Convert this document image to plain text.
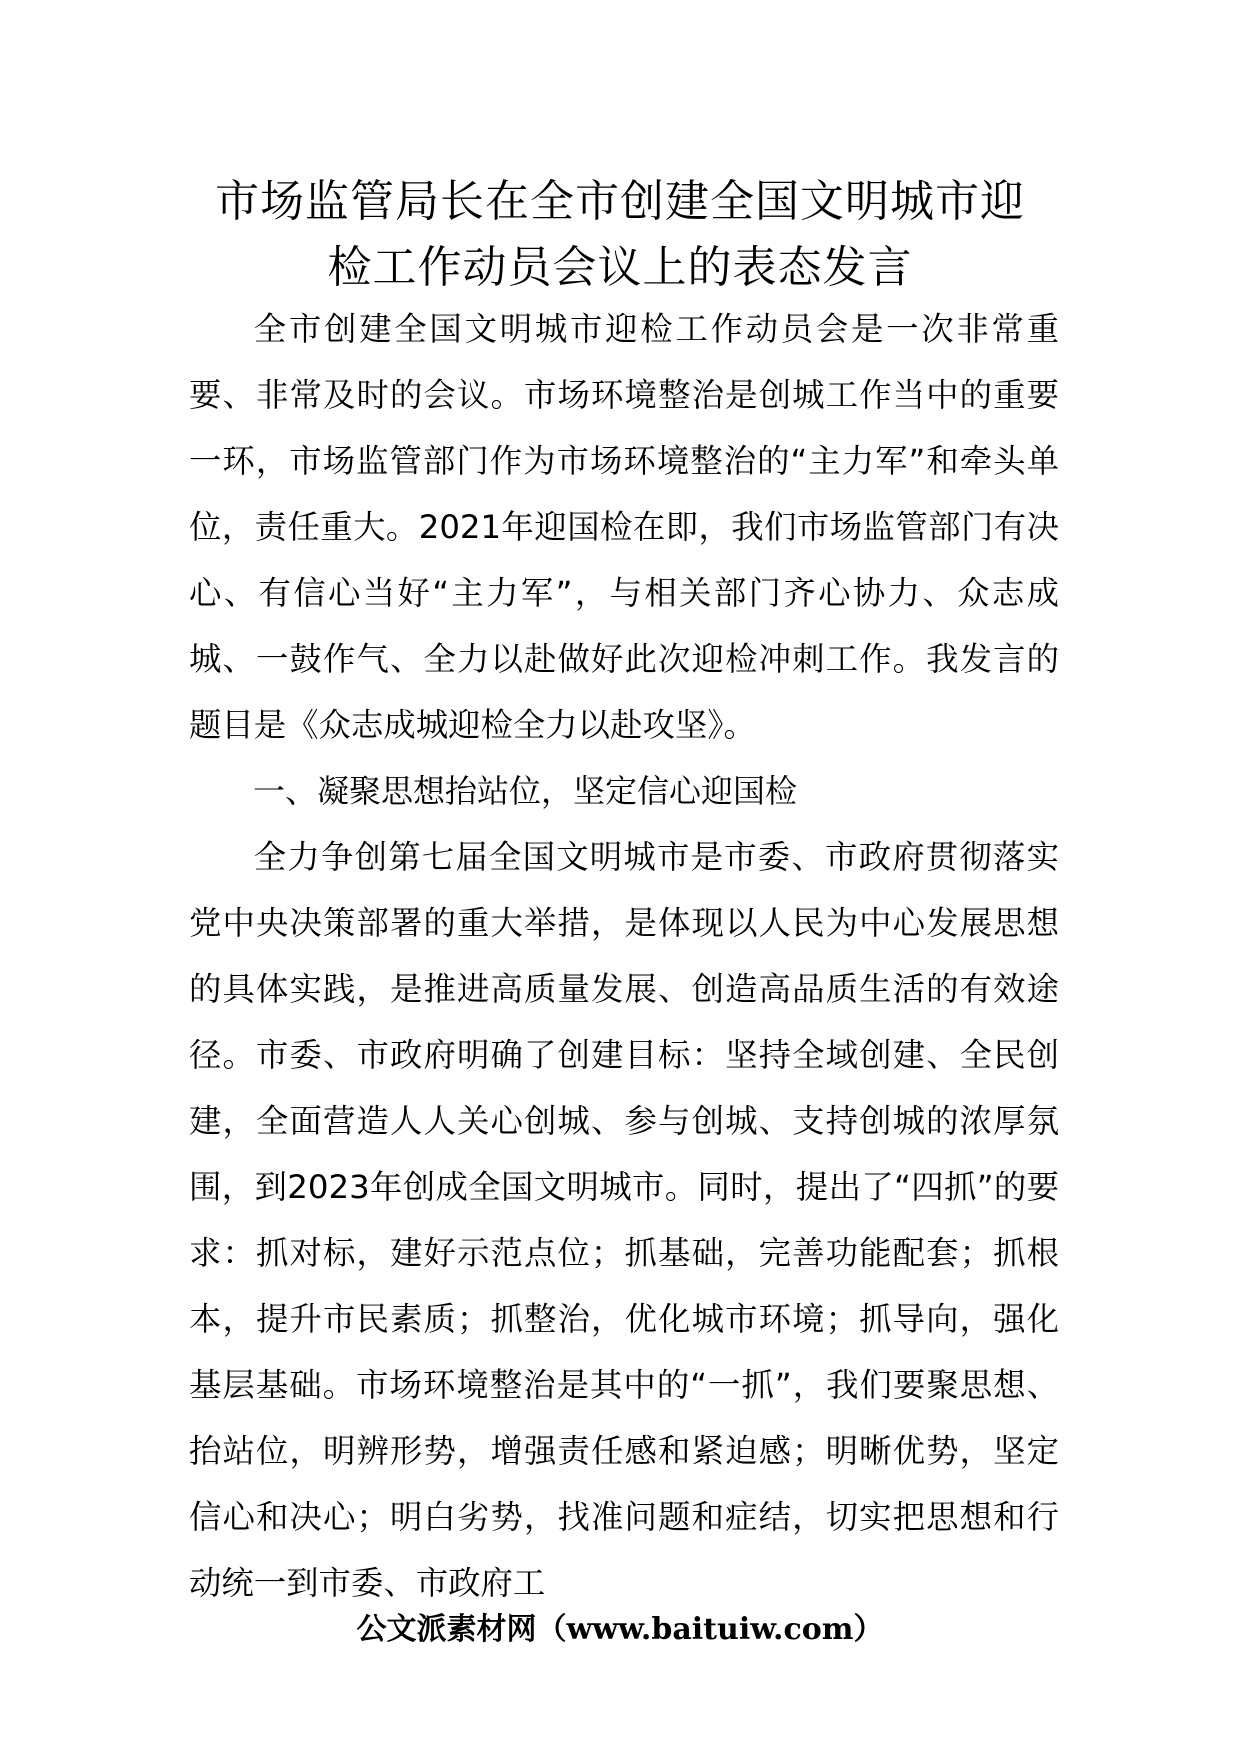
市场监管局长在全市创建全国文明城市迎
检工作动员会议上的表态发言

全市创建全国文明城市迎检工作动员会是一次非常重要、非常及时的会议。市场环境整治是创城工作当中的重要一环，市场监管部门作为市场环境整治的“主力军”和牵头单位，责任重大。2021年迎国检在即，我们市场监管部门有决心、有信心当好“主力军”，与相关部门齐心协力、众志成城、一鼓作气、全力以赴做好此次迎检冲刺工作。我发言的题目是《众志成城迎检全力以赴攻坚》。

一、凝聚思想抬站位，坚定信心迎国检

全力争创第七届全国文明城市是市委、市政府贯彻落实党中央决策部署的重大举措，是体现以人民为中心发展思想的具体实践，是推进高质量发展、创造高品质生活的有效途径。市委、市政府明确了创建目标：坚持全域创建、全民创建，全面营造人人关心创城、参与创城、支持创城的浓厚氛围，到2023年创成全国文明城市。同时，提出了“四抓”的要求：抓对标，建好示范点位；抓基础，完善功能配套；抓根本，提升市民素质；抓整治，优化城市环境；抓导向，强化基层基础。市场环境整治是其中的“一抓”，我们要聚思想、抬站位，明辨形势，增强责任感和紧迫感；明晰优势，坚定信心和决心；明白劣势，找准问题和症结，切实把思想和行动统一到市委、市政府工

公文派素材网（www.baituiw.com）
